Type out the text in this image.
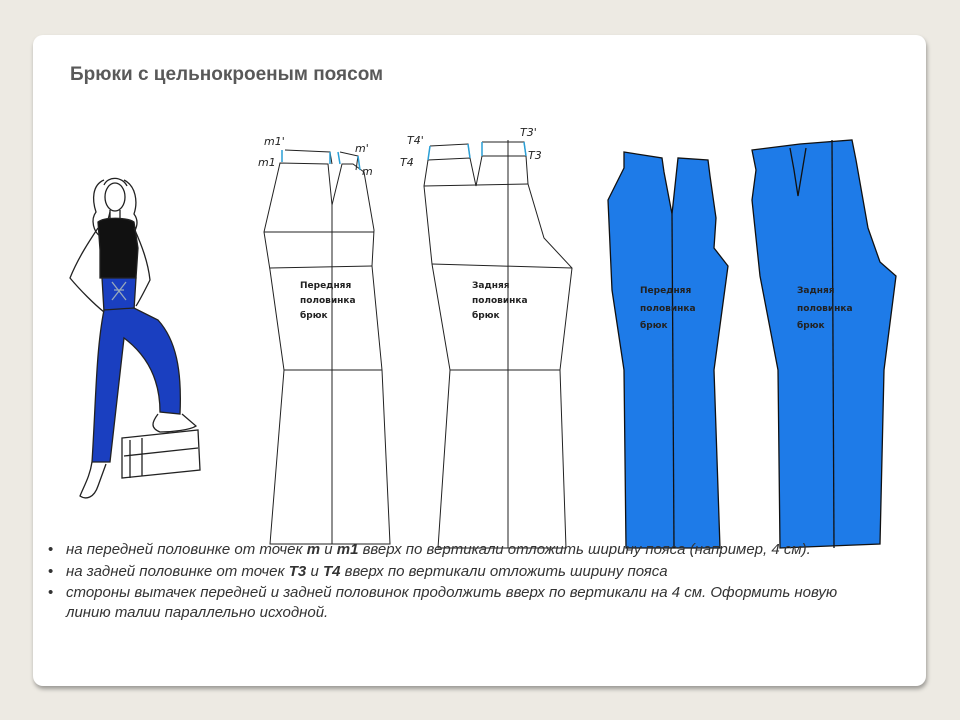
Брюки с цельнокроеным поясом
m1'
m1
m'
m
T4'
T4
T3'
T3
Передняя
половинка
брюк
Задняя
половинка
брюк
Передняя
половинка
брюк
Задняя
половинка
брюк
• на передней половинке от точек m и m1 вверх по вертикали отложить ширину пояса (например, 4 см).
• на задней половинке от точек Т3 и Т4 вверх по вертикали отложить ширину пояса
• стороны вытачек передней и задней половинок продолжить вверх по вертикали на 4 см. Оформить новую линию талии параллельно исходной.
